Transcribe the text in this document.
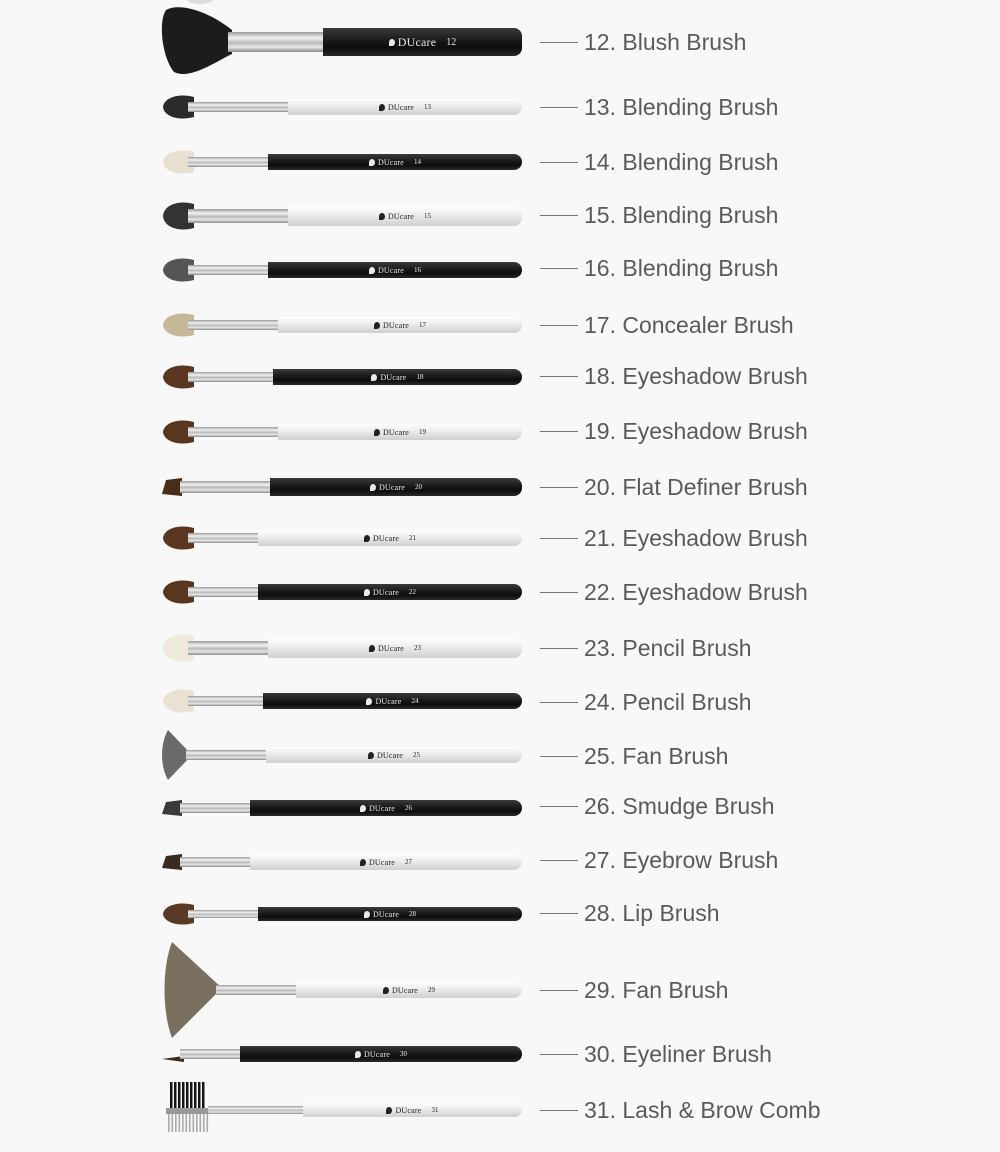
DUcare 12	12. Blush Brush
DUcare 13	13. Blending Brush
DUcare 14	14. Blending Brush
DUcare 15	15. Blending Brush
DUcare 16	16. Blending Brush
DUcare 17	17. Concealer Brush
DUcare 18	18. Eyeshadow Brush
DUcare 19	19. Eyeshadow Brush
DUcare 20	20. Flat Definer Brush
DUcare 21	21. Eyeshadow Brush
DUcare 22	22. Eyeshadow Brush
DUcare 23	23. Pencil Brush
DUcare 24	24. Pencil Brush
DUcare 25	25. Fan Brush
DUcare 26	26. Smudge Brush
DUcare 27	27. Eyebrow Brush
DUcare 28	28. Lip Brush
DUcare 29	29. Fan Brush
DUcare 30	30. Eyeliner Brush
DUcare 31	31. Lash & Brow Comb
